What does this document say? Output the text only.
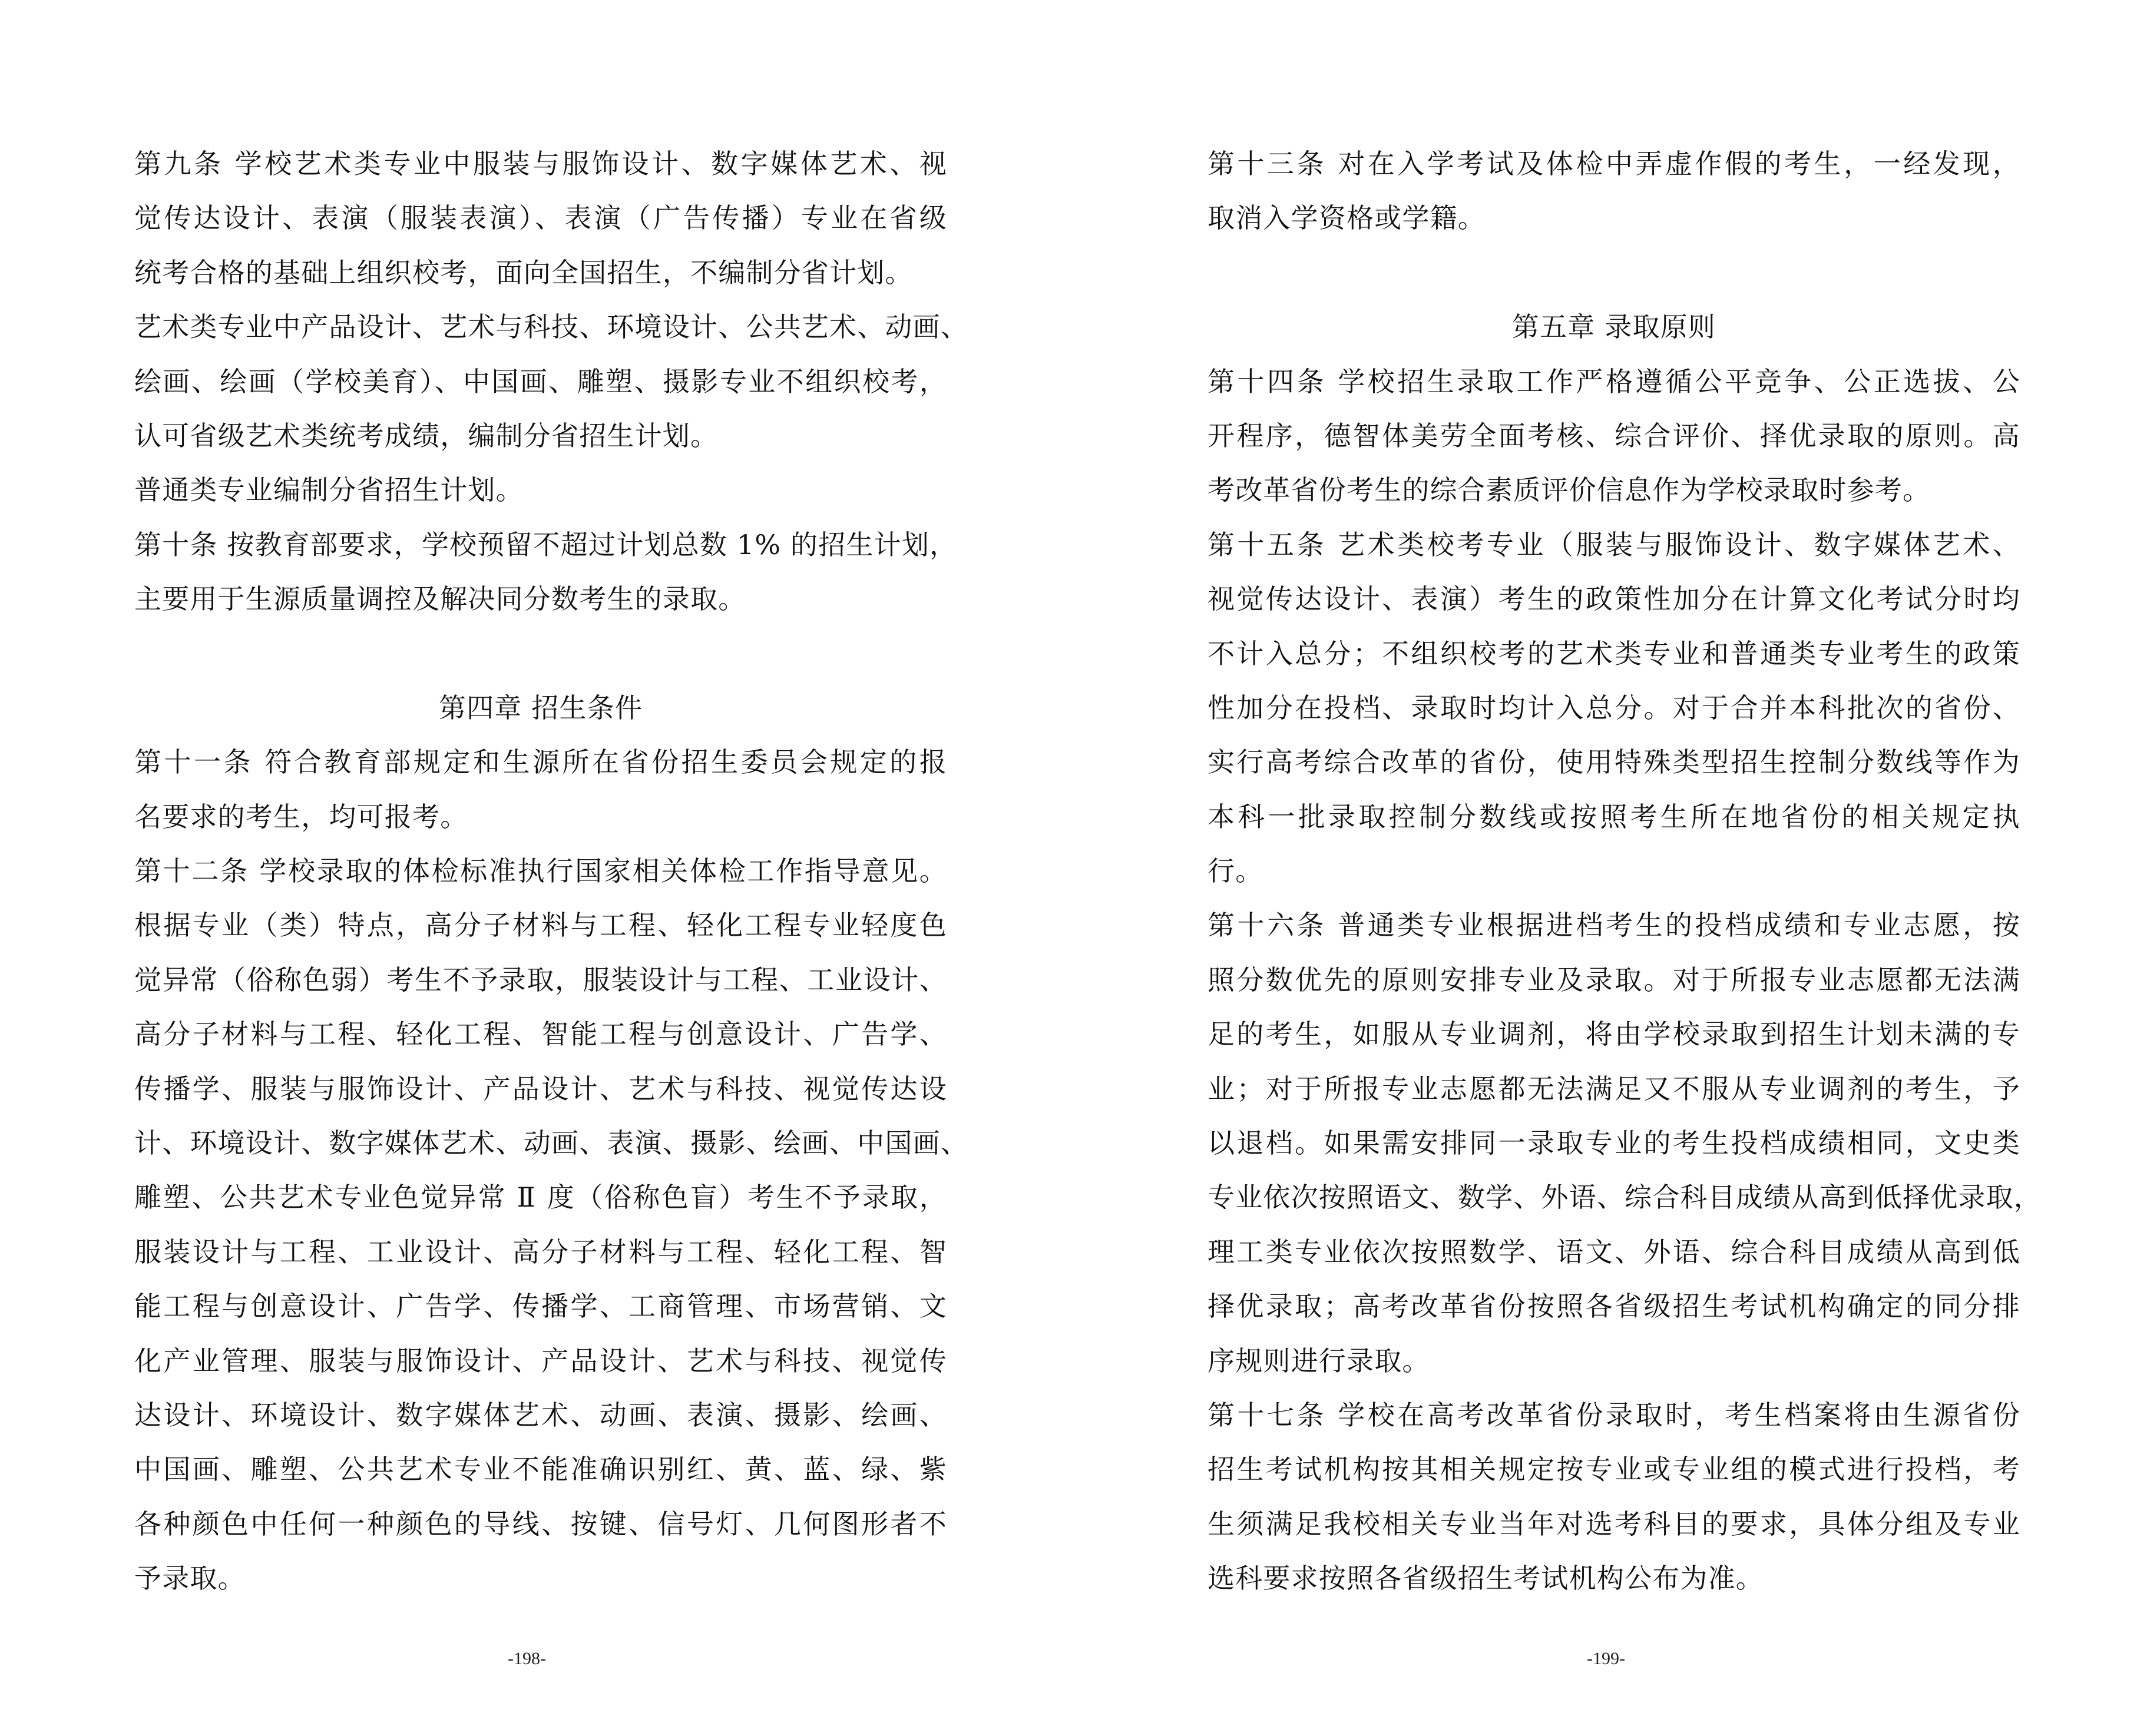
第九条 学校艺术类专业中服装与服饰设计、数字媒体艺术、视
觉传达设计、表演（服装表演）、表演（广告传播）专业在省级
统考合格的基础上组织校考，面向全国招生，不编制分省计划。
艺术类专业中产品设计、艺术与科技、环境设计、公共艺术、动画、
绘画、绘画（学校美育）、中国画、雕塑、摄影专业不组织校考，
认可省级艺术类统考成绩，编制分省招生计划。
普通类专业编制分省招生计划。
第十条 按教育部要求，学校预留不超过计划总数 1% 的招生计划，
主要用于生源质量调控及解决同分数考生的录取。
第四章 招生条件
第十一条 符合教育部规定和生源所在省份招生委员会规定的报
名要求的考生，均可报考。
第十二条 学校录取的体检标准执行国家相关体检工作指导意见。
根据专业（类）特点，高分子材料与工程、轻化工程专业轻度色
觉异常（俗称色弱）考生不予录取，服装设计与工程、工业设计、
高分子材料与工程、轻化工程、智能工程与创意设计、广告学、
传播学、服装与服饰设计、产品设计、艺术与科技、视觉传达设
计、环境设计、数字媒体艺术、动画、表演、摄影、绘画、中国画、
雕塑、公共艺术专业色觉异常 Ⅱ 度（俗称色盲）考生不予录取，
服装设计与工程、工业设计、高分子材料与工程、轻化工程、智
能工程与创意设计、广告学、传播学、工商管理、市场营销、文
化产业管理、服装与服饰设计、产品设计、艺术与科技、视觉传
达设计、环境设计、数字媒体艺术、动画、表演、摄影、绘画、
中国画、雕塑、公共艺术专业不能准确识别红、黄、蓝、绿、紫
各种颜色中任何一种颜色的导线、按键、信号灯、几何图形者不
予录取。
-198-
第十三条 对在入学考试及体检中弄虚作假的考生，一经发现，
取消入学资格或学籍。
第五章 录取原则
第十四条 学校招生录取工作严格遵循公平竞争、公正选拔、公
开程序，德智体美劳全面考核、综合评价、择优录取的原则。高
考改革省份考生的综合素质评价信息作为学校录取时参考。
第十五条 艺术类校考专业（服装与服饰设计、数字媒体艺术、
视觉传达设计、表演）考生的政策性加分在计算文化考试分时均
不计入总分；不组织校考的艺术类专业和普通类专业考生的政策
性加分在投档、录取时均计入总分。对于合并本科批次的省份、
实行高考综合改革的省份，使用特殊类型招生控制分数线等作为
本科一批录取控制分数线或按照考生所在地省份的相关规定执
行。
第十六条 普通类专业根据进档考生的投档成绩和专业志愿，按
照分数优先的原则安排专业及录取。对于所报专业志愿都无法满
足的考生，如服从专业调剂，将由学校录取到招生计划未满的专
业；对于所报专业志愿都无法满足又不服从专业调剂的考生，予
以退档。如果需安排同一录取专业的考生投档成绩相同，文史类
专业依次按照语文、数学、外语、综合科目成绩从高到低择优录取，
理工类专业依次按照数学、语文、外语、综合科目成绩从高到低
择优录取；高考改革省份按照各省级招生考试机构确定的同分排
序规则进行录取。
第十七条 学校在高考改革省份录取时，考生档案将由生源省份
招生考试机构按其相关规定按专业或专业组的模式进行投档，考
生须满足我校相关专业当年对选考科目的要求，具体分组及专业
选科要求按照各省级招生考试机构公布为准。
-199-
